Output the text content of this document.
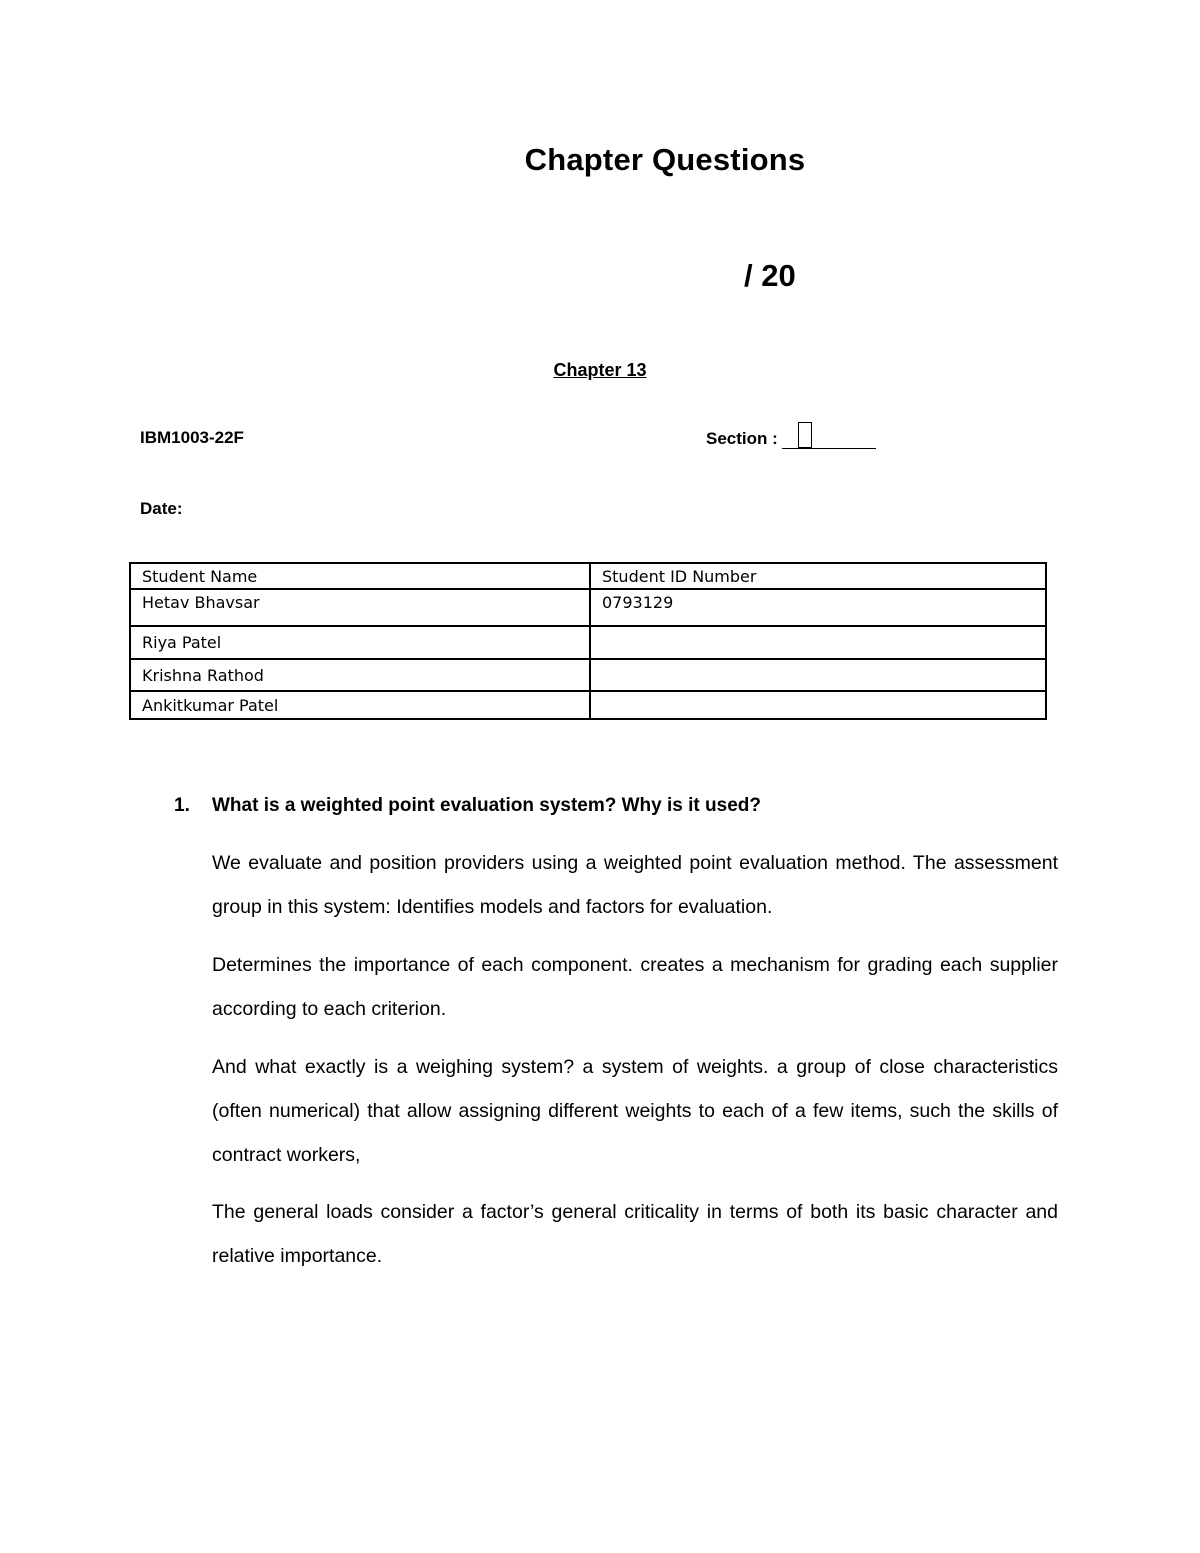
Chapter Questions
/ 20
Chapter 13
IBM1003-22F	Section :
Date:
Student Name	Student ID Number
Hetav Bhavsar	0793129
Riya Patel	
Krishna Rathod	
Ankitkumar Patel	
1. What is a weighted point evaluation system? Why is it used?
We evaluate and position providers using a weighted point evaluation method. The assessment group in this system: Identifies models and factors for evaluation.
Determines the importance of each component. creates a mechanism for grading each supplier according to each criterion.
And what exactly is a weighing system? a system of weights. a group of close characteristics (often numerical) that allow assigning different weights to each of a few items, such the skills of contract workers,
The general loads consider a factor’s general criticality in terms of both its basic character and relative importance.
